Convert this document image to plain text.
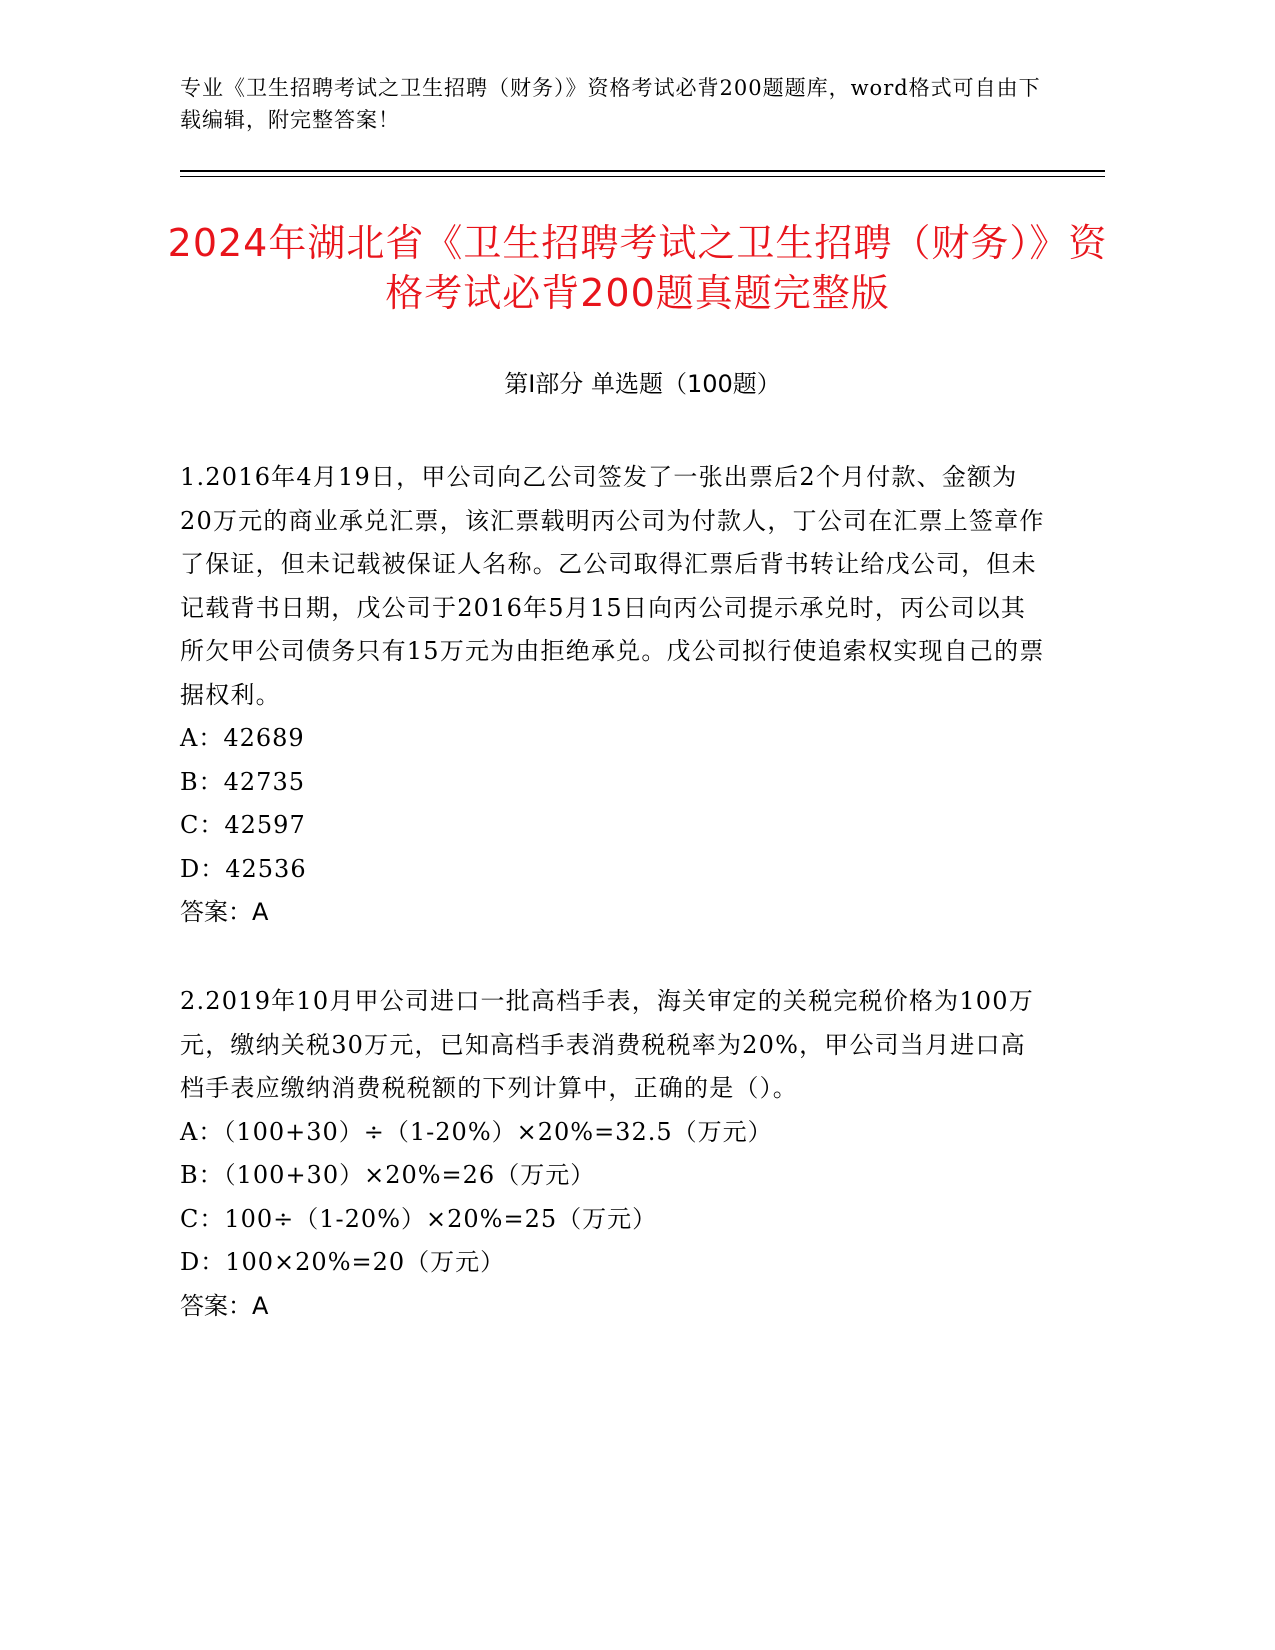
专业《卫生招聘考试之卫生招聘（财务）》资格考试必背200题题库，word格式可自由下载编辑，附完整答案！
2024年湖北省《卫生招聘考试之卫生招聘（财务）》资格考试必背200题真题完整版
第Ⅰ部分 单选题（100题）

1.2016年4月19日，甲公司向乙公司签发了一张出票后2个月付款、金额为20万元的商业承兑汇票，该汇票载明丙公司为付款人，丁公司在汇票上签章作了保证，但未记载被保证人名称。乙公司取得汇票后背书转让给戊公司，但未记载背书日期，戊公司于2016年5月15日向丙公司提示承兑时，丙公司以其所欠甲公司债务只有15万元为由拒绝承兑。戊公司拟行使追索权实现自己的票据权利。

A：42689

B：42735

C：42597

D：42536

答案：A

2.2019年10月甲公司进口一批高档手表，海关审定的关税完税价格为100万元，缴纳关税30万元，已知高档手表消费税税率为20%，甲公司当月进口高档手表应缴纳消费税税额的下列计算中，正确的是（）。

A：（100+30）÷（1-20%）×20%=32.5（万元）

B：（100+30）×20%=26（万元）

C：100÷（1-20%）×20%=25（万元）

D：100×20%=20（万元）

答案：A
